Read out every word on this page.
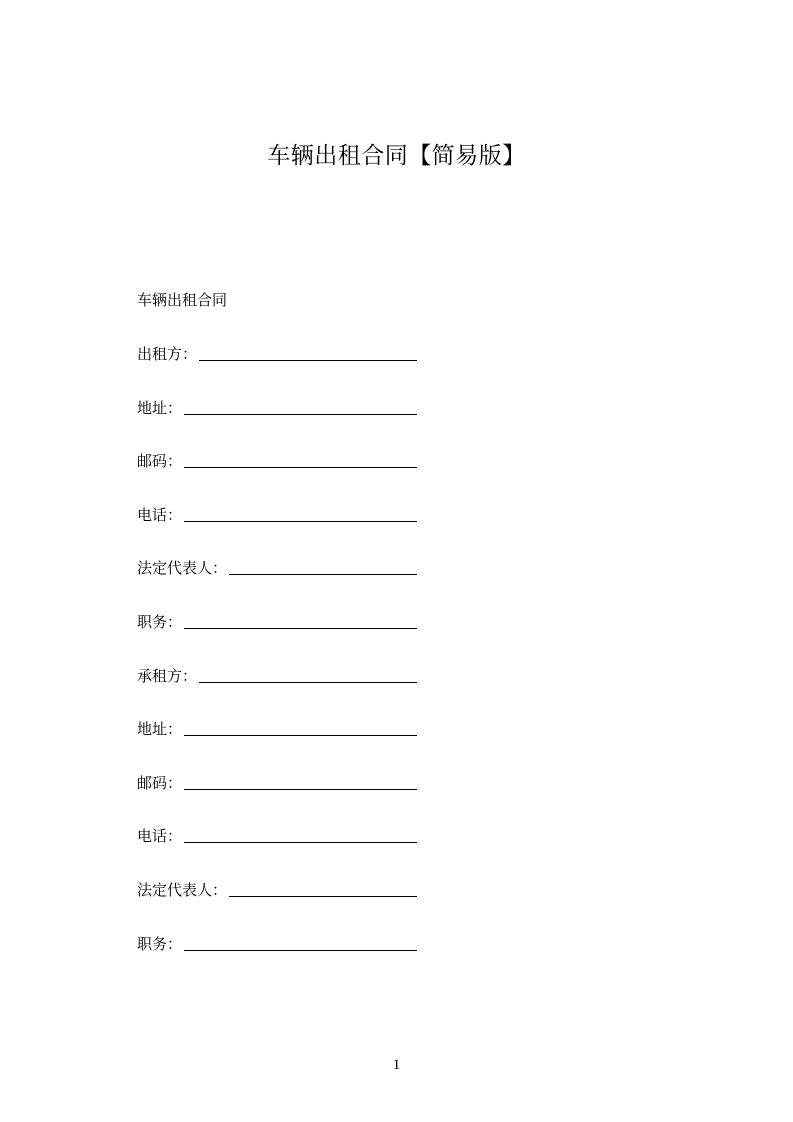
车辆出租合同【简易版】
车辆出租合同
出租方：
地址：
邮码：
电话：
法定代表人：
职务：
承租方：
地址：
邮码：
电话：
法定代表人：
职务：
1
